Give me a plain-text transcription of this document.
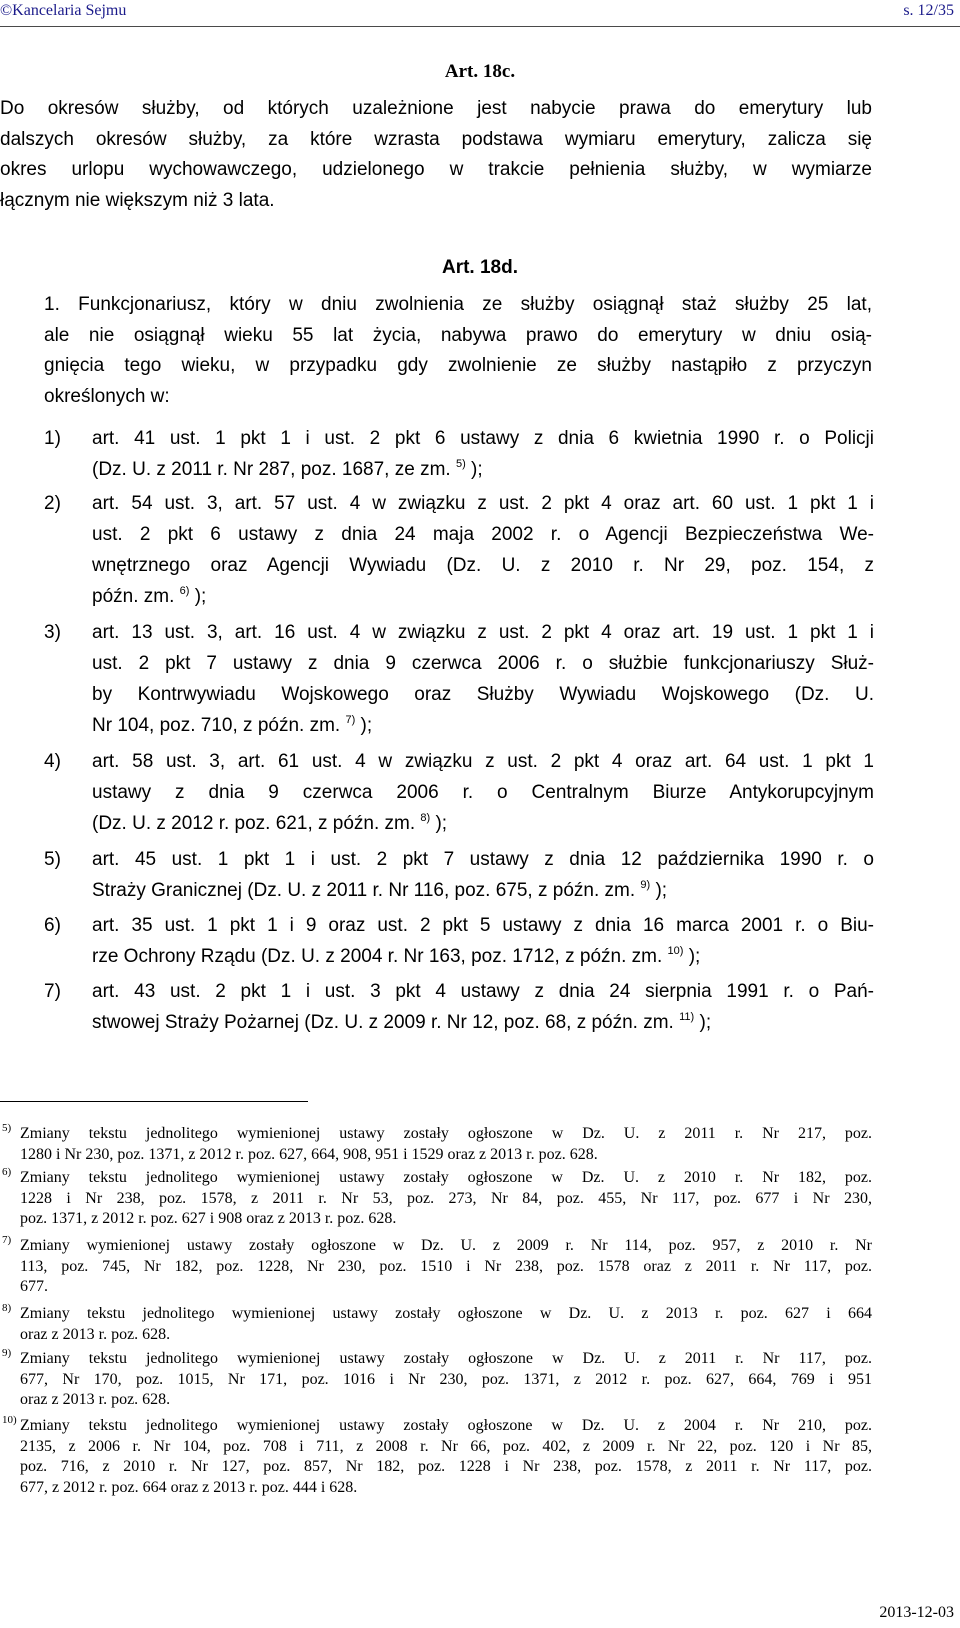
©Kancelaria Sejmu	s. 12/35
Art. 18c.
Do okresów służby, od których uzależnione jest nabycie prawa do emerytury lub
dalszych okresów służby, za które wzrasta podstawa wymiaru emerytury, zalicza się
okres urlopu wychowawczego, udzielonego w trakcie pełnienia służby, w wymiarze
łącznym nie większym niż 3 lata.
Art. 18d.
1. Funkcjonariusz, który w dniu zwolnienia ze służby osiągnął staż służby 25 lat,
ale nie osiągnął wieku 55 lat życia, nabywa prawo do emerytury w dniu osią-
gnięcia tego wieku, w przypadku gdy zwolnienie ze służby nastąpiło z przyczyn
określonych w:
1) art. 41 ust. 1 pkt 1 i ust. 2 pkt 6 ustawy z dnia 6 kwietnia 1990 r. o Policji
(Dz. U. z 2011 r. Nr 287, poz. 1687, ze zm. $^{5)}$ );
2) art. 54 ust. 3, art. 57 ust. 4 w związku z ust. 2 pkt 4 oraz art. 60 ust. 1 pkt 1 i
ust. 2 pkt 6 ustawy z dnia 24 maja 2002 r. o Agencji Bezpieczeństwa We-
wnętrznego oraz Agencji Wywiadu (Dz. U. z 2010 r. Nr 29, poz. 154, z
późn. zm. $^{6)}$ );
3) art. 13 ust. 3, art. 16 ust. 4 w związku z ust. 2 pkt 4 oraz art. 19 ust. 1 pkt 1 i
ust. 2 pkt 7 ustawy z dnia 9 czerwca 2006 r. o służbie funkcjonariuszy Służ-
by Kontrwywiadu Wojskowego oraz Służby Wywiadu Wojskowego (Dz. U.
Nr 104, poz. 710, z późn. zm. $^{7)}$ );
4) art. 58 ust. 3, art. 61 ust. 4 w związku z ust. 2 pkt 4 oraz art. 64 ust. 1 pkt 1
ustawy z dnia 9 czerwca 2006 r. o Centralnym Biurze Antykorupcyjnym
(Dz. U. z 2012 r. poz. 621, z późn. zm. $^{8)}$ );
5) art. 45 ust. 1 pkt 1 i ust. 2 pkt 7 ustawy z dnia 12 października 1990 r. o
Straży Granicznej (Dz. U. z 2011 r. Nr 116, poz. 675, z późn. zm. $^{9)}$ );
6) art. 35 ust. 1 pkt 1 i 9 oraz ust. 2 pkt 5 ustawy z dnia 16 marca 2001 r. o Biu-
rze Ochrony Rządu (Dz. U. z 2004 r. Nr 163, poz. 1712, z późn. zm. $^{10)}$ );
7) art. 43 ust. 2 pkt 1 i ust. 3 pkt 4 ustawy z dnia 24 sierpnia 1991 r. o Pań-
stwowej Straży Pożarnej (Dz. U. z 2009 r. Nr 12, poz. 68, z późn. zm. $^{11)}$ );
5) Zmiany tekstu jednolitego wymienionej ustawy zostały ogłoszone w Dz. U. z 2011 r. Nr 217, poz.
1280 i Nr 230, poz. 1371, z 2012 r. poz. 627, 664, 908, 951 i 1529 oraz z 2013 r. poz. 628.
6) Zmiany tekstu jednolitego wymienionej ustawy zostały ogłoszone w Dz. U. z 2010 r. Nr 182, poz.
1228 i Nr 238, poz. 1578, z 2011 r. Nr 53, poz. 273, Nr 84, poz. 455, Nr 117, poz. 677 i Nr 230,
poz. 1371, z 2012 r. poz. 627 i 908 oraz z 2013 r. poz. 628.
7) Zmiany wymienionej ustawy zostały ogłoszone w Dz. U. z 2009 r. Nr 114, poz. 957, z 2010 r. Nr
113, poz. 745, Nr 182, poz. 1228, Nr 230, poz. 1510 i Nr 238, poz. 1578 oraz z 2011 r. Nr 117, poz.
677.
8) Zmiany tekstu jednolitego wymienionej ustawy zostały ogłoszone w Dz. U. z 2013 r. poz. 627 i 664
oraz z 2013 r. poz. 628.
9) Zmiany tekstu jednolitego wymienionej ustawy zostały ogłoszone w Dz. U. z 2011 r. Nr 117, poz.
677, Nr 170, poz. 1015, Nr 171, poz. 1016 i Nr 230, poz. 1371, z 2012 r. poz. 627, 664, 769 i 951
oraz z 2013 r. poz. 628.
10) Zmiany tekstu jednolitego wymienionej ustawy zostały ogłoszone w Dz. U. z 2004 r. Nr 210, poz.
2135, z 2006 r. Nr 104, poz. 708 i 711, z 2008 r. Nr 66, poz. 402, z 2009 r. Nr 22, poz. 120 i Nr 85,
poz. 716, z 2010 r. Nr 127, poz. 857, Nr 182, poz. 1228 i Nr 238, poz. 1578, z 2011 r. Nr 117, poz.
677, z 2012 r. poz. 664 oraz z 2013 r. poz. 444 i 628.
2013-12-03
